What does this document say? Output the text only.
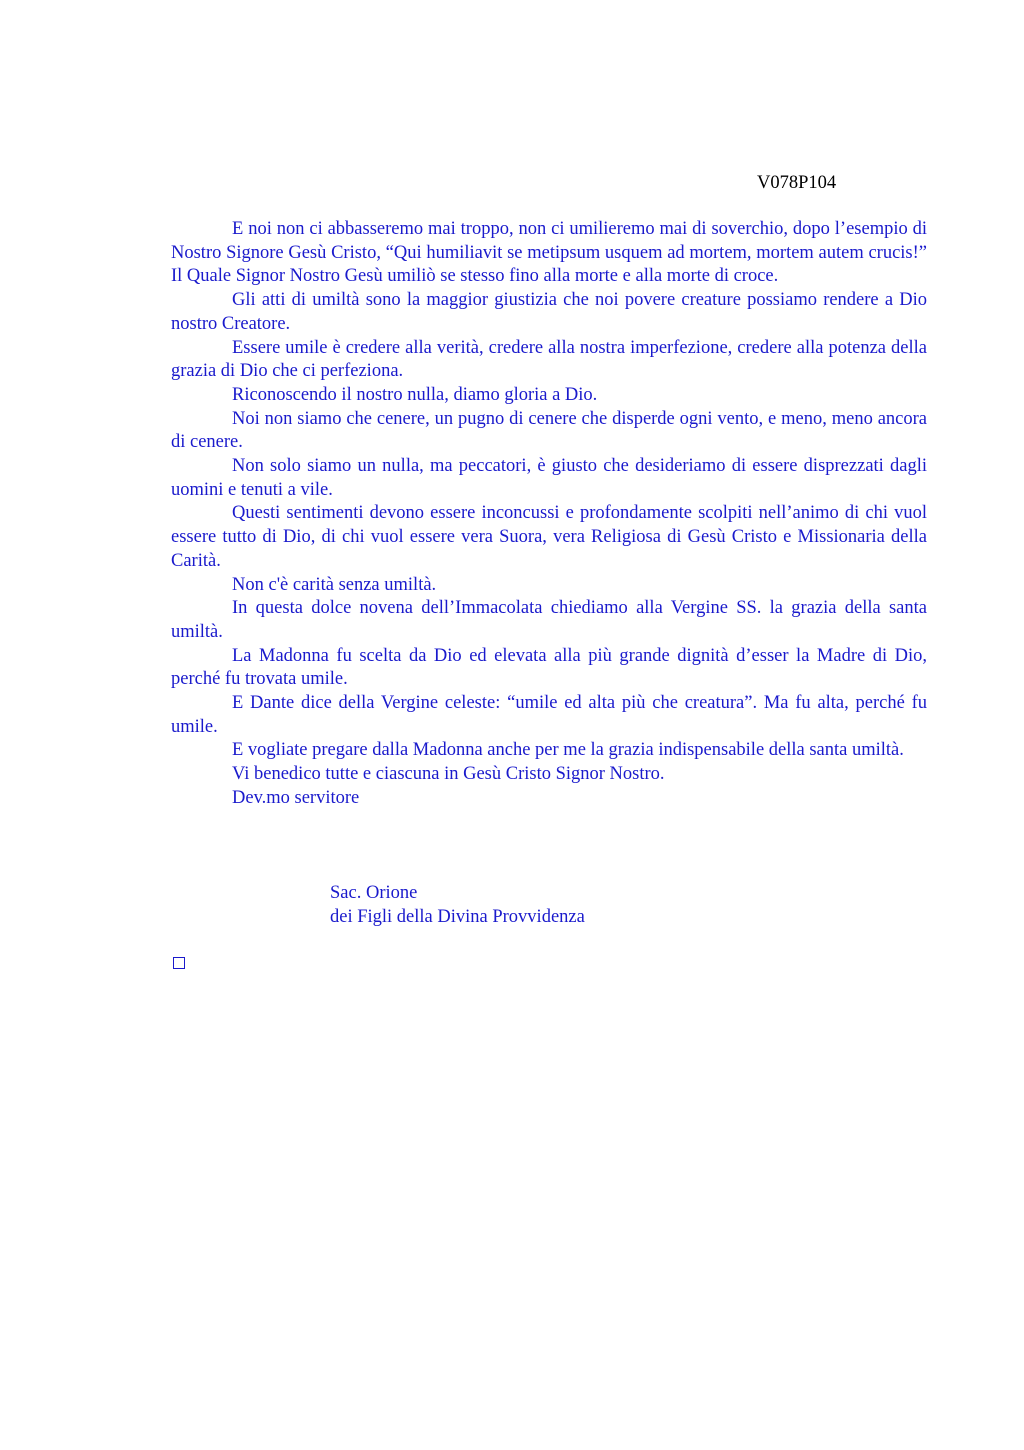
V078P104

E noi non ci abbasseremo mai troppo, non ci umilieremo mai di soverchio, dopo l’esempio di Nostro Signore Gesù Cristo, “Qui humiliavit se metipsum usquem ad mortem, mortem autem crucis!” Il Quale Signor Nostro Gesù umiliò se stesso fino alla morte e alla morte di croce.

Gli atti di umiltà sono la maggior giustizia che noi povere creature possiamo rendere a Dio nostro Creatore.

Essere umile è credere alla verità, credere alla nostra imperfezione, credere alla potenza della grazia di Dio che ci perfeziona.

Riconoscendo il nostro nulla, diamo gloria a Dio.

Noi non siamo che cenere, un pugno di cenere che disperde ogni vento, e meno, meno ancora di cenere.

Non solo siamo un nulla, ma peccatori, è giusto che desideriamo di essere disprezzati dagli uomini e tenuti a vile.

Questi sentimenti devono essere inconcussi e profondamente scolpiti nell’animo di chi vuol essere tutto di Dio, di chi vuol essere vera Suora, vera Religiosa di Gesù Cristo e Missionaria della Carità.

Non c'è carità senza umiltà.

In questa dolce novena dell’Immacolata chiediamo alla Vergine SS. la grazia della santa umiltà.

La Madonna fu scelta da Dio ed elevata alla più grande dignità d’esser la Madre di Dio, perché fu trovata umile.

E Dante dice della Vergine celeste: “umile ed alta più che creatura”. Ma fu alta, perché fu umile.

E vogliate pregare dalla Madonna anche per me la grazia indispensabile della santa umiltà.

Vi benedico tutte e ciascuna in Gesù Cristo Signor Nostro.

Dev.mo servitore

Sac. Orione
dei Figli della Divina Provvidenza
